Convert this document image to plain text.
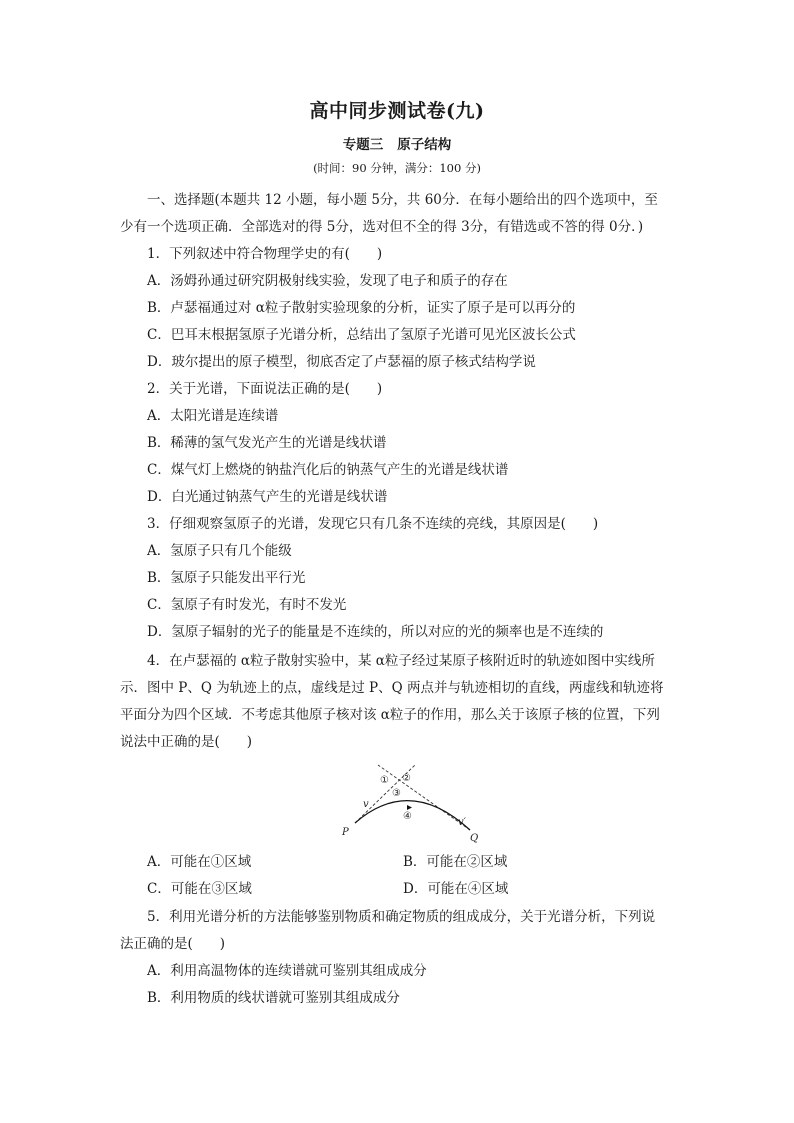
高中同步测试卷(九)
专题三 原子结构
(时间：90 分钟，满分：100 分)
一、选择题(本题共 12 小题，每小题 5分，共 60分．在每小题给出的四个选项中，至
少有一个选项正确．全部选对的得 5分，选对但不全的得 3分，有错选或不答的得 0分．)
1．下列叙述中符合物理学史的有(　　)
A．汤姆孙通过研究阴极射线实验，发现了电子和质子的存在
B．卢瑟福通过对 α粒子散射实验现象的分析，证实了原子是可以再分的
C．巴耳末根据氢原子光谱分析，总结出了氢原子光谱可见光区波长公式
D．玻尔提出的原子模型，彻底否定了卢瑟福的原子核式结构学说
2．关于光谱，下面说法正确的是(　　)
A．太阳光谱是连续谱
B．稀薄的氢气发光产生的光谱是线状谱
C．煤气灯上燃烧的钠盐汽化后的钠蒸气产生的光谱是线状谱
D．白光通过钠蒸气产生的光谱是线状谱
3．仔细观察氢原子的光谱，发现它只有几条不连续的亮线，其原因是(　　)
A．氢原子只有几个能级
B．氢原子只能发出平行光
C．氢原子有时发光，有时不发光
D．氢原子辐射的光子的能量是不连续的，所以对应的光的频率也是不连续的
4．在卢瑟福的 α粒子散射实验中，某 α粒子经过某原子核附近时的轨迹如图中实线所
示．图中 P、Q 为轨迹上的点，虚线是过 P、Q 两点并与轨迹相切的直线，两虚线和轨迹将
平面分为四个区域．不考虑其他原子核对该 α粒子的作用，那么关于该原子核的位置，下列
说法中正确的是(　　)
P
Q
v
v′
① ②
③
④
A．可能在①区域	B．可能在②区域
C．可能在③区域	D．可能在④区域
5．利用光谱分析的方法能够鉴别物质和确定物质的组成成分，关于光谱分析，下列说
法正确的是(　　)
A．利用高温物体的连续谱就可鉴别其组成成分
B．利用物质的线状谱就可鉴别其组成成分
